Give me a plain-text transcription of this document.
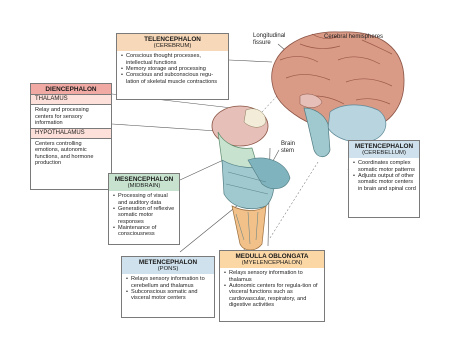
Longitudinal fissure
Cerebral hemispheres
Brain stem
TELENCEPHALON
(CEREBRUM)
• Conscious thought processes, intellectual functions
• Memory storage and processing
• Conscious and subconscious regu-lation of skeletal muscle contractions
DIENCEPHALON
THALAMUS
Relay and processing centers for sensory information
HYPOTHALAMUS
Centers controlling emotions, autonomic functions, and hormone production
MESENCEPHALON
(MIDBRAIN)
• Processing of visual and auditory data
• Generation of reflexive somatic motor responses
• Maintenance of consciousness
METENCEPHALON
(CEREBELLUM)
• Coordinates complex somatic motor patterns
• Adjusts output of other somatic motor centers in brain and spinal cord
METENCEPHALON
(PONS)
• Relays sensory information to cerebellum and thalamus
• Subconscious somatic and visceral motor centers
MEDULLA OBLONGATA
(MYELENCEPHALON)
• Relays sensory information to thalamus
• Autonomic centers for regula-tion of visceral functions such as cardiovascular, respiratory, and digestive activities
